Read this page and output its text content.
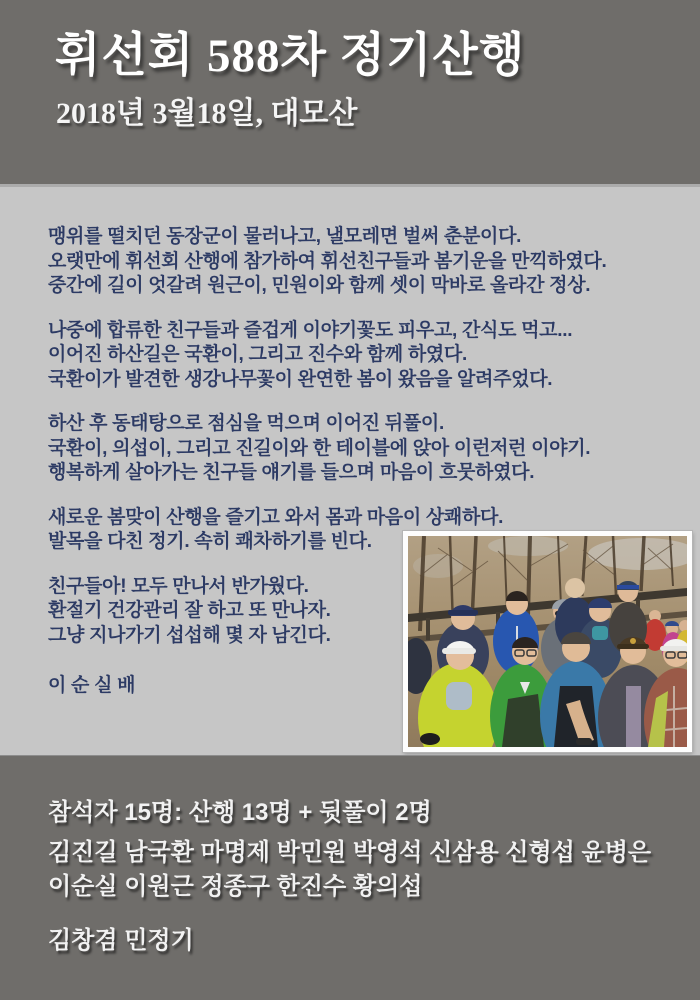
휘선회 588차 정기산행
2018년 3월18일, 대모산
맹위를 떨치던 동장군이 물러나고, 낼모레면 벌써 춘분이다.
오랫만에 휘선회 산행에 참가하여 휘선친구들과 봄기운을 만끽하였다.
중간에 길이 엇갈려 원근이, 민원이와 함께 셋이 막바로 올라간 정상.
나중에 합류한 친구들과 즐겁게 이야기꽃도 피우고, 간식도 먹고...
이어진 하산길은 국환이, 그리고 진수와 함께 하였다.
국환이가 발견한 생강나무꽃이 완연한 봄이 왔음을 알려주었다.
하산 후 동태탕으로 점심을 먹으며 이어진 뒤풀이.
국환이, 의섭이, 그리고 진길이와 한 테이블에 앉아 이런저런 이야기.
행복하게 살아가는 친구들 얘기를 들으며 마음이 흐뭇하였다.
새로운 봄맞이 산행을 즐기고 와서 몸과 마음이 상쾌하다.
발목을 다친 정기. 속히 쾌차하기를 빈다.
친구들아! 모두 만나서 반가웠다.
환절기 건강관리 잘 하고 또 만나자.
그냥 지나가기 섭섭해 몇 자 남긴다.
이 순 실 배
참석자 15명: 산행 13명 + 뒷풀이 2명
김진길 남국환 마명제 박민원 박영석 신삼용 신형섭 윤병은
이순실 이원근 정종구 한진수 황의섭
김창겸 민정기
